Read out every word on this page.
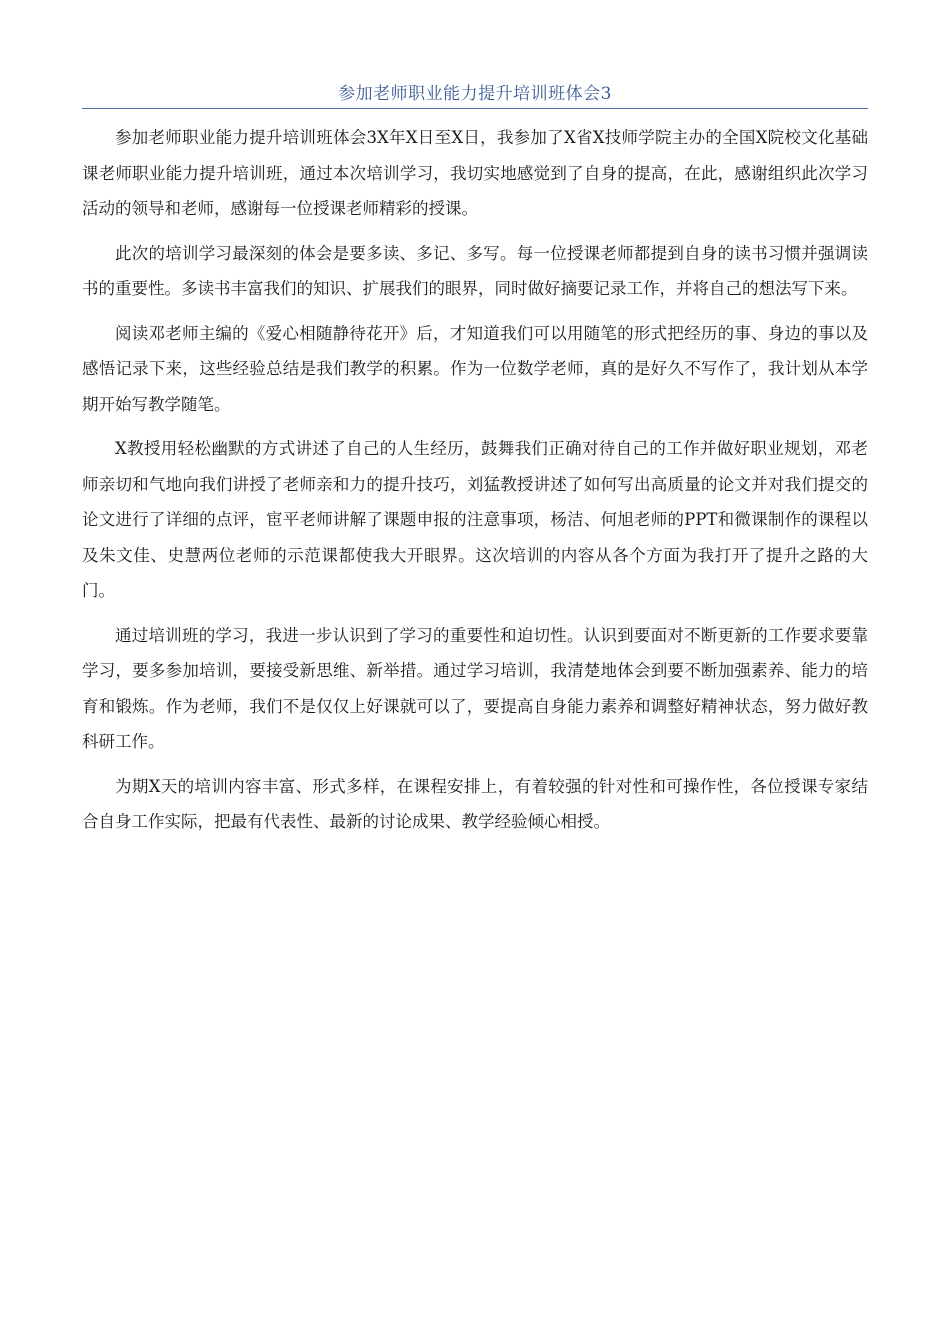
参加老师职业能力提升培训班体会3

参加老师职业能力提升培训班体会3X年X日至X日，我参加了X省X技师学院主办的全国X院校文化基础课老师职业能力提升培训班，通过本次培训学习，我切实地感觉到了自身的提高，在此，感谢组织此次学习活动的领导和老师，感谢每一位授课老师精彩的授课。

此次的培训学习最深刻的体会是要多读、多记、多写。每一位授课老师都提到自身的读书习惯并强调读书的重要性。多读书丰富我们的知识、扩展我们的眼界，同时做好摘要记录工作，并将自己的想法写下来。

阅读邓老师主编的《爱心相随静待花开》后，才知道我们可以用随笔的形式把经历的事、身边的事以及感悟记录下来，这些经验总结是我们教学的积累。作为一位数学老师，真的是好久不写作了，我计划从本学期开始写教学随笔。

X教授用轻松幽默的方式讲述了自己的人生经历，鼓舞我们正确对待自己的工作并做好职业规划，邓老师亲切和气地向我们讲授了老师亲和力的提升技巧，刘猛教授讲述了如何写出高质量的论文并对我们提交的论文进行了详细的点评，宦平老师讲解了课题申报的注意事项，杨洁、何旭老师的PPT和微课制作的课程以及朱文佳、史慧两位老师的示范课都使我大开眼界。这次培训的内容从各个方面为我打开了提升之路的大门。

通过培训班的学习，我进一步认识到了学习的重要性和迫切性。认识到要面对不断更新的工作要求要靠学习，要多参加培训，要接受新思维、新举措。通过学习培训，我清楚地体会到要不断加强素养、能力的培育和锻炼。作为老师，我们不是仅仅上好课就可以了，要提高自身能力素养和调整好精神状态，努力做好教科研工作。

为期X天的培训内容丰富、形式多样，在课程安排上，有着较强的针对性和可操作性，各位授课专家结合自身工作实际，把最有代表性、最新的讨论成果、教学经验倾心相授。
